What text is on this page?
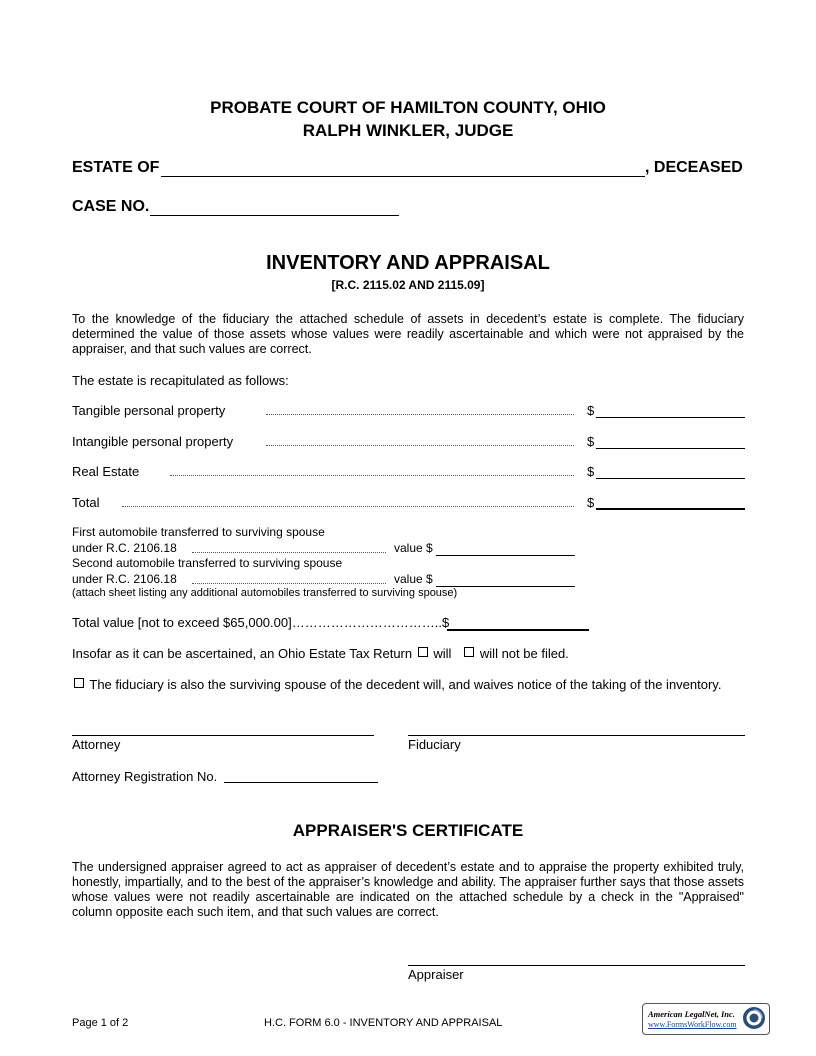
PROBATE COURT OF HAMILTON COUNTY, OHIO
RALPH WINKLER, JUDGE
ESTATE OF	, DECEASED
CASE NO.
INVENTORY AND APPRAISAL
[R.C. 2115.02 AND 2115.09]
To the knowledge of the fiduciary the attached schedule of assets in decedent’s estate is complete. The fiduciary determined the value of those assets whose values were readily ascertainable and which were not appraised by the appraiser, and that such values are correct.
The estate is recapitulated as follows:
Tangible personal property	$
Intangible personal property	$
Real Estate	$
Total	$
First automobile transferred to surviving spouse
under R.C. 2106.18	value $
Second automobile transferred to surviving spouse
under R.C. 2106.18	value $
(attach sheet listing any additional automobiles transferred to surviving spouse)
Total value [not to exceed $65,000.00]……………………………..$
Insofar as it can be ascertained, an Ohio Estate Tax Return will will not be filed.
The fiduciary is also the surviving spouse of the decedent will, and waives notice of the taking of the inventory.
Attorney	Fiduciary
Attorney Registration No.
APPRAISER'S CERTIFICATE
The undersigned appraiser agreed to act as appraiser of decedent’s estate and to appraise the property exhibited truly, honestly, impartially, and to the best of the appraiser’s knowledge and ability. The appraiser further says that those assets whose values were not readily ascertainable are indicated on the attached schedule by a check in the "Appraised" column opposite each such item, and that such values are correct.
Appraiser
Page 1 of 2	H.C. FORM 6.0 - INVENTORY AND APPRAISAL
American LegalNet, Inc.
www.FormsWorkFlow.com
